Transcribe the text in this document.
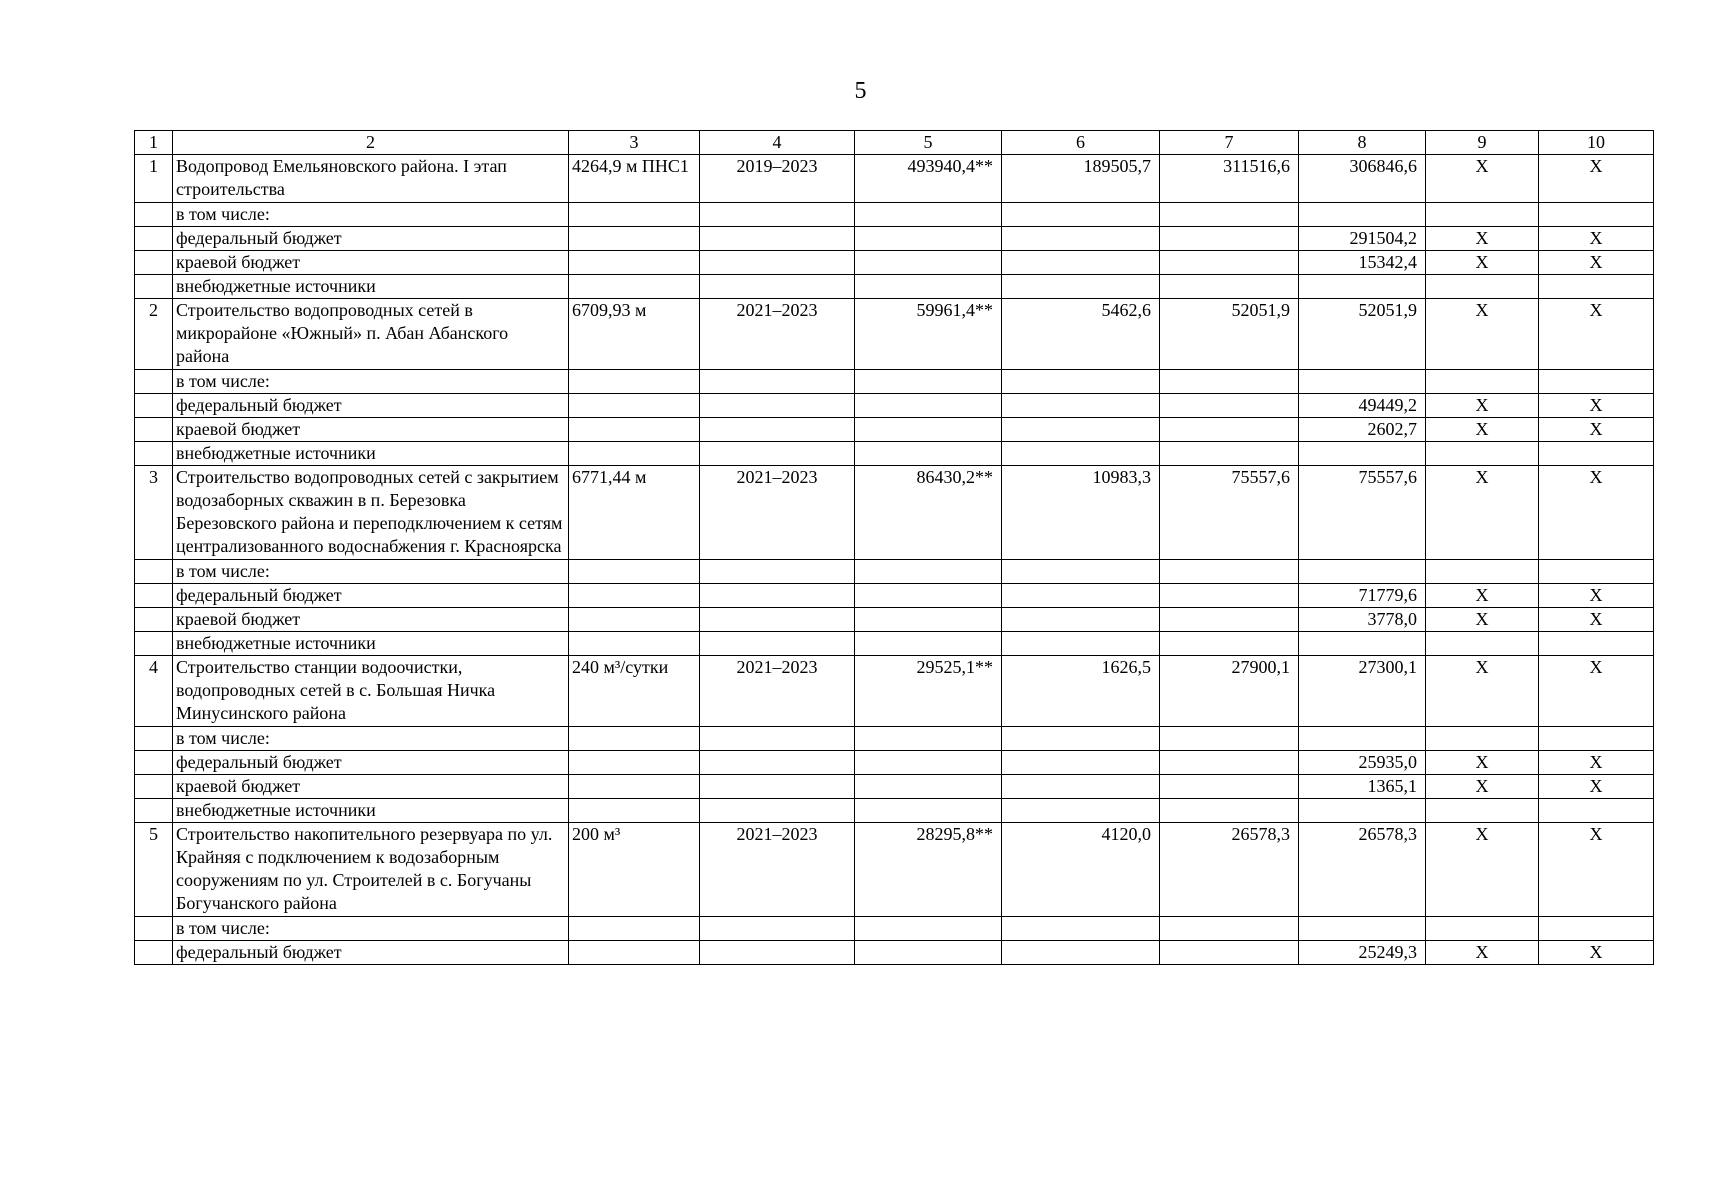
5
1	2	3	4	5	6	7	8	9	10
1	Водопровод Емельяновского района. I этап строительства	4264,9 м ПНС1	2019–2023	493940,4**	189505,7	311516,6	306846,6	X	X
	в том числе:								
	федеральный бюджет						291504,2	X	X
	краевой бюджет						15342,4	X	X
	внебюджетные источники								
2	Строительство водопроводных сетей в микрорайоне «Южный» п. Абан Абанского района	6709,93 м	2021–2023	59961,4**	5462,6	52051,9	52051,9	X	X
	в том числе:								
	федеральный бюджет						49449,2	X	X
	краевой бюджет						2602,7	X	X
	внебюджетные источники								
3	Строительство водопроводных сетей с закрытием водозаборных скважин в п. Березовка Березовского района и переподключением к сетям централизованного водоснабжения г. Красноярска	6771,44 м	2021–2023	86430,2**	10983,3	75557,6	75557,6	X	X
	в том числе:								
	федеральный бюджет						71779,6	X	X
	краевой бюджет						3778,0	X	X
	внебюджетные источники								
4	Строительство станции водоочистки, водопроводных сетей в с. Большая Ничка Минусинского района	240 м³/сутки	2021–2023	29525,1**	1626,5	27900,1	27300,1	X	X
	в том числе:								
	федеральный бюджет						25935,0	X	X
	краевой бюджет						1365,1	X	X
	внебюджетные источники								
5	Строительство накопительного резервуара по ул. Крайняя с подключением к водозаборным сооружениям по ул. Строителей в с. Богучаны Богучанского района	200 м³	2021–2023	28295,8**	4120,0	26578,3	26578,3	X	X
	в том числе:								
	федеральный бюджет						25249,3	X	X
